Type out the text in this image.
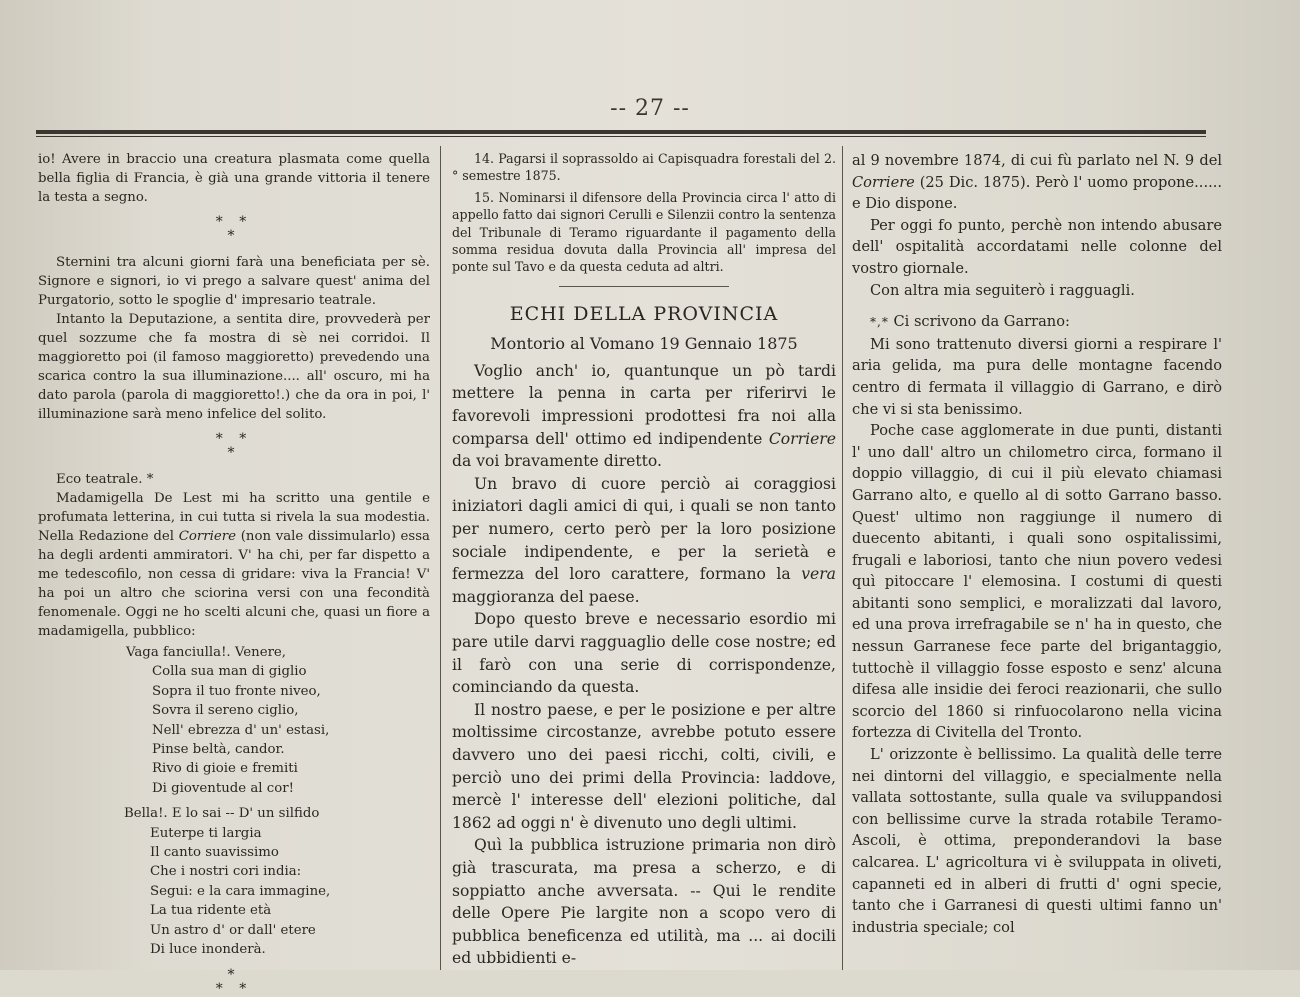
-- 27 --

io! Avere in braccio una creatura plasmata come quella bella figlia di Francia, è già una grande vittoria il tenere la testa a segno.

* *
*

Sternini tra alcuni giorni farà una beneficiata per sè. Signore e signori, io vi prego a salvare quest' anima del Purgatorio, sotto le spoglie d' impresario teatrale.

Intanto la Deputazione, a sentita dire, provvederà per quel sozzume che fa mostra di sè nei corridoi. Il maggioretto poi (il famoso maggioretto) prevedendo una scarica contro la sua illuminazione.... all' oscuro, mi ha dato parola (parola di maggioretto!.) che da ora in poi, l' illuminazione sarà meno infelice del solito.

* *
*

Eco teatrale. *

Madamigella De Lest mi ha scritto una gentile e profumata letterina, in cui tutta si rivela la sua modestia. Nella Redazione del Corriere (non vale dissimularlo) essa ha degli ardenti ammiratori. V' ha chi, per far dispetto a me tedescofilo, non cessa di gridare: viva la Francia! V' ha poi un altro che sciorina versi con una fecondità fenomenale. Oggi ne ho scelti alcuni che, quasi un fiore a madamigella, pubblico:

Vaga fanciulla!. Venere,
Colla sua man di giglio
Sopra il tuo fronte niveo,
Sovra il sereno ciglio,
Nell' ebrezza d' un' estasi,
Pinse beltà, candor.
Rivo di gioie e fremiti
Di gioventude al cor!
Bella!. E lo sai -- D' un silfido
Euterpe ti largia
Il canto suavissimo
Che i nostri cori india:
Segui: e la cara immagine,
La tua ridente età
Un astro d' or dall' etere
Di luce inonderà.
*
* *

14. Pagarsi il soprassoldo ai Capisquadra forestali del 2.° semestre 1875.

15. Nominarsi il difensore della Provincia circa l' atto di appello fatto dai signori Cerulli e Silenzii contro la sentenza del Tribunale di Teramo riguardante il pagamento della somma residua dovuta dalla Provincia all' impresa del ponte sul Tavo e da questa ceduta ad altri.

ECHI DELLA PROVINCIA
Montorio al Vomano 19 Gennaio 1875

Voglio anch' io, quantunque un pò tardi mettere la penna in carta per riferirvi le favorevoli impressioni prodottesi fra noi alla comparsa dell' ottimo ed indipendente Corriere da voi bravamente diretto.

Un bravo di cuore perciò ai coraggiosi iniziatori dagli amici di qui, i quali se non tanto per numero, certo però per la loro posizione sociale indipendente, e per la serietà e fermezza del loro carattere, formano la vera maggioranza del paese.

Dopo questo breve e necessario esordio mi pare utile darvi ragguaglio delle cose nostre; ed il farò con una serie di corrispondenze, cominciando da questa.

Il nostro paese, e per le posizione e per altre moltissime circostanze, avrebbe potuto essere davvero uno dei paesi ricchi, colti, civili, e perciò uno dei primi della Provincia: laddove, mercè l' interesse dell' elezioni politiche, dal 1862 ad oggi n' è divenuto uno degli ultimi.

Quì la pubblica istruzione primaria non dirò già trascurata, ma presa a scherzo, e di soppiatto anche avversata. -- Qui le rendite delle Opere Pie largite non a scopo vero di pubblica beneficenza ed utilità, ma ... ai docili ed ubbidienti e-

al 9 novembre 1874, di cui fù parlato nel N. 9 del Corriere (25 Dic. 1875). Però l' uomo propone...... e Dio dispone.

Per oggi fo punto, perchè non intendo abusare dell' ospitalità accordatami nelle colonne del vostro giornale.

Con altra mia seguiterò i ragguagli.

*,* Ci scrivono da Garrano:

Mi sono trattenuto diversi giorni a respirare l' aria gelida, ma pura delle montagne facendo centro di fermata il villaggio di Garrano, e dirò che vi si sta benissimo.

Poche case agglomerate in due punti, distanti l' uno dall' altro un chilometro circa, formano il doppio villaggio, di cui il più elevato chiamasi Garrano alto, e quello al di sotto Garrano basso. Quest' ultimo non raggiunge il numero di duecento abitanti, i quali sono ospitalissimi, frugali e laboriosi, tanto che niun povero vedesi quì pitoccare l' elemosina. I costumi di questi abitanti sono semplici, e moralizzati dal lavoro, ed una prova irrefragabile se n' ha in questo, che nessun Garranese fece parte del brigantaggio, tuttochè il villaggio fosse esposto e senz' alcuna difesa alle insidie dei feroci reazionarii, che sullo scorcio del 1860 si rinfuocolarono nella vicina fortezza di Civitella del Tronto.

L' orizzonte è bellissimo. La qualità delle terre nei dintorni del villaggio, e specialmente nella vallata sottostante, sulla quale va sviluppandosi con bellissime curve la strada rotabile Teramo-Ascoli, è ottima, preponderandovi la base calcarea. L' agricoltura vi è sviluppata in oliveti, capanneti ed in alberi di frutti d' ogni specie, tanto che i Garranesi di questi ultimi fanno un' industria speciale; col
